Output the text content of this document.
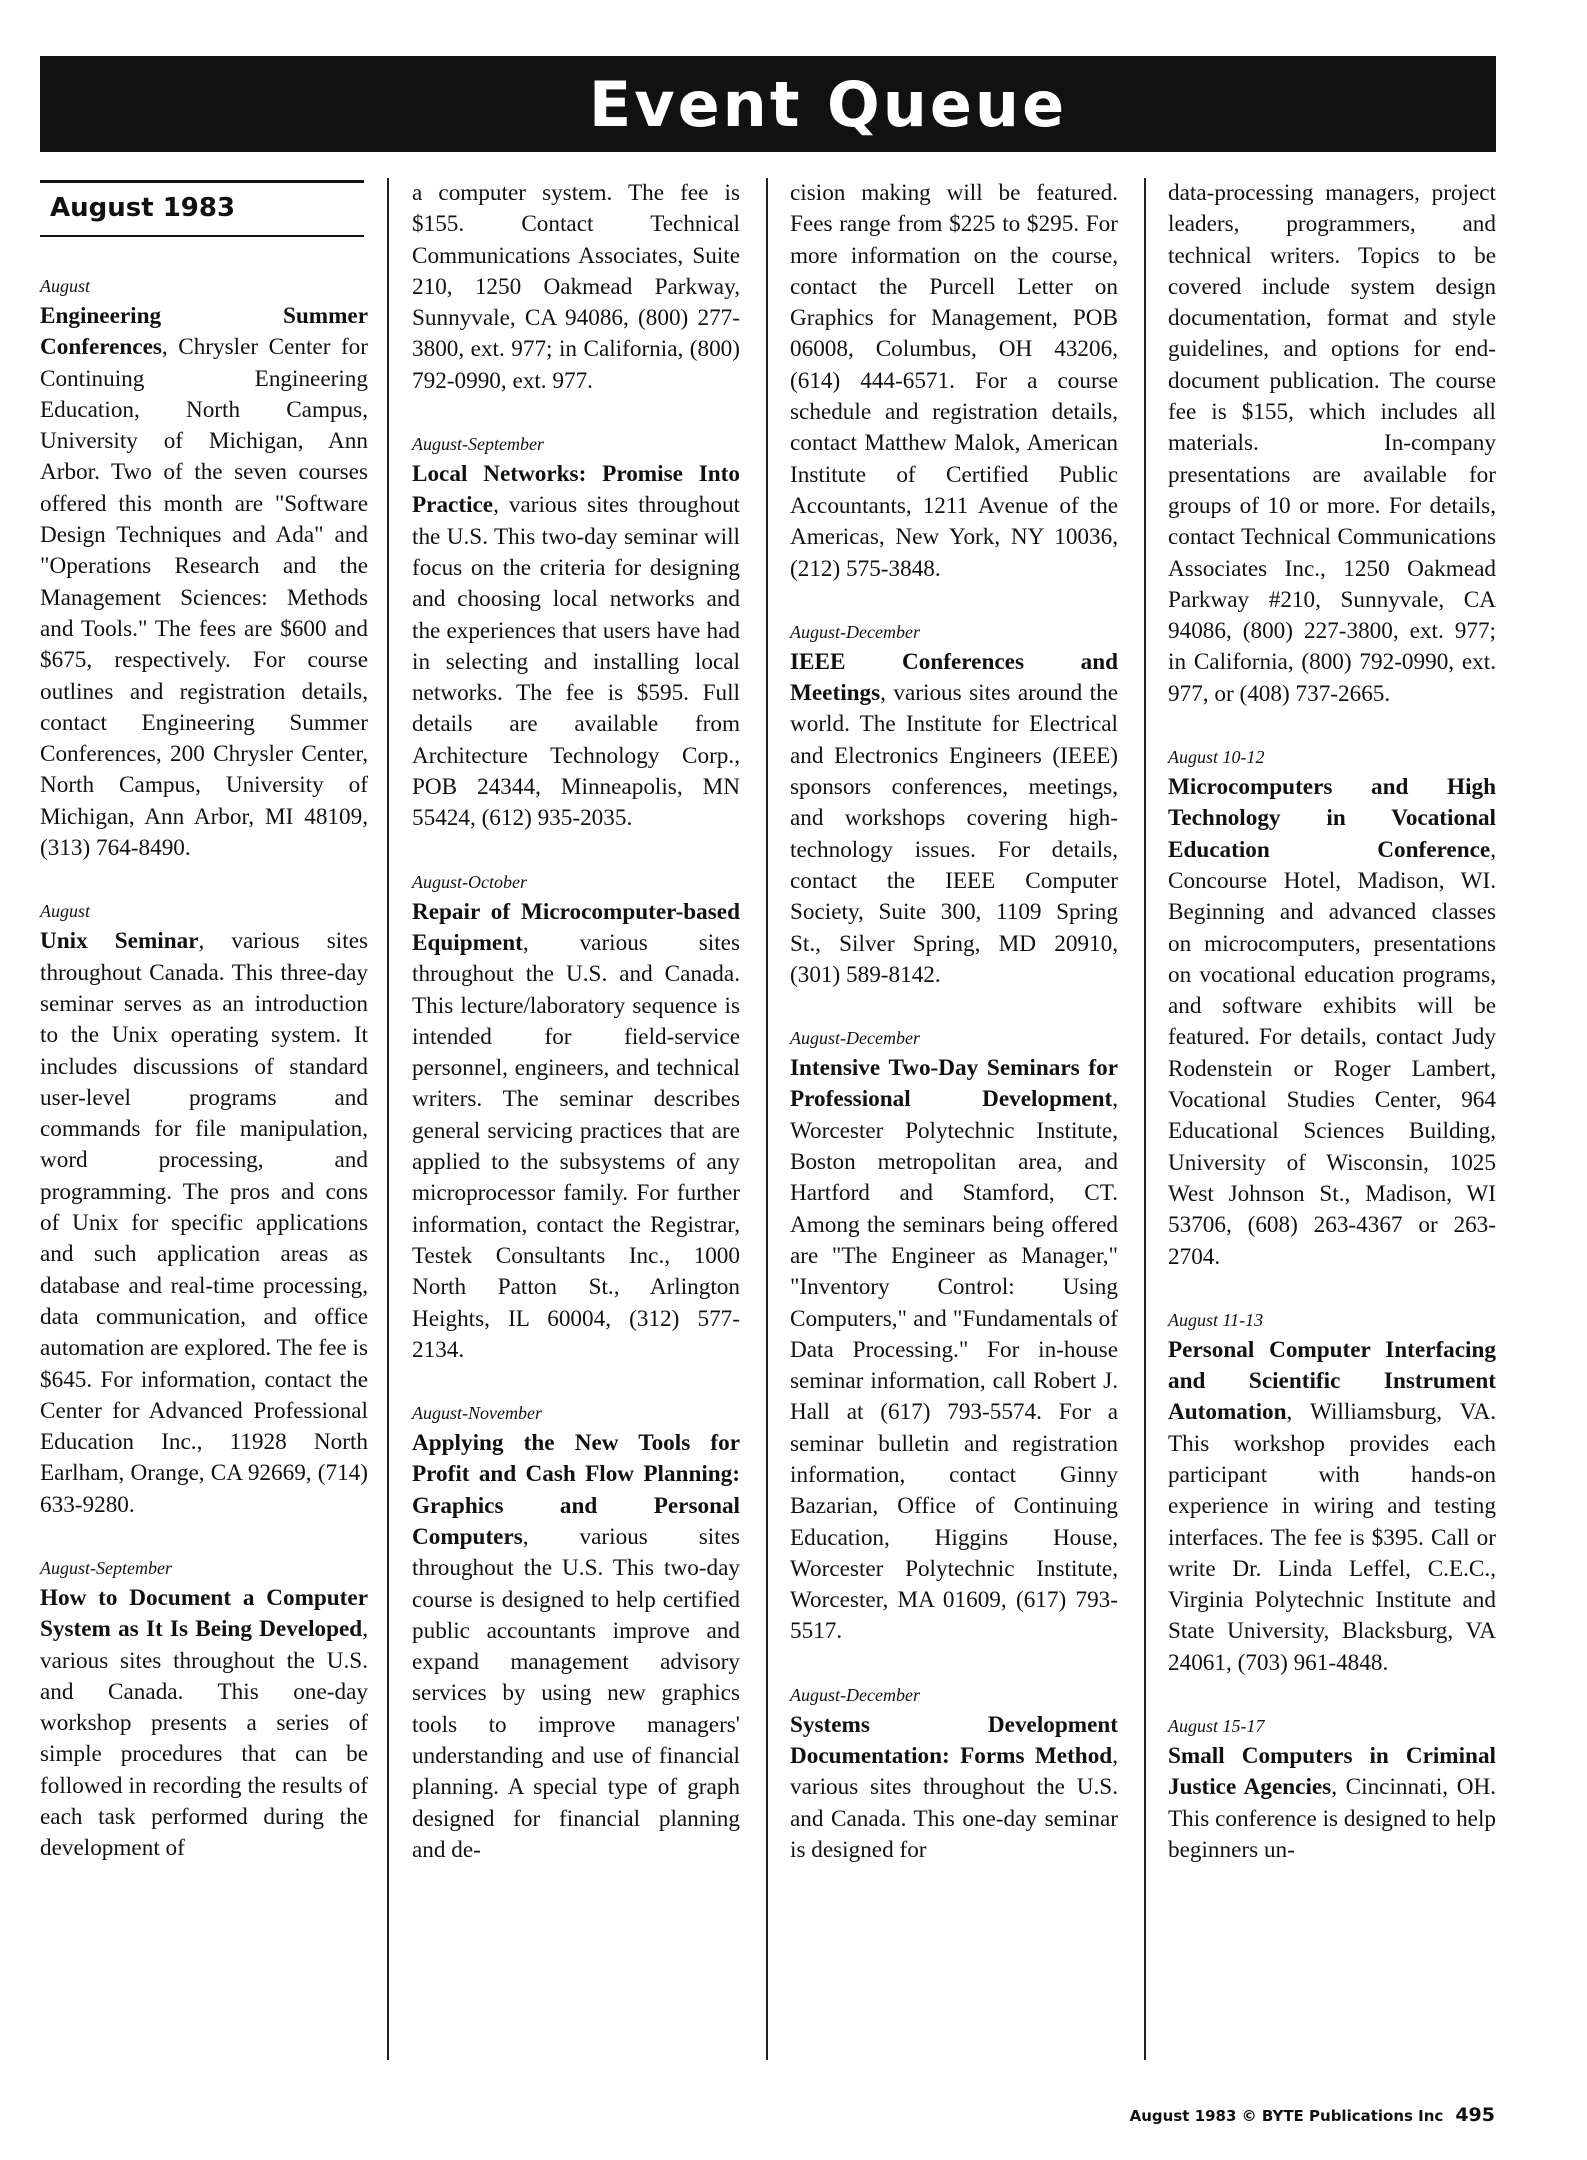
Event Queue
August 1983
August
Engineering Summer Conferences, Chrysler Center for Continuing Engineering Education, North Campus, University of Michigan, Ann Arbor. Two of the seven courses offered this month are "Software Design Techniques and Ada" and "Operations Research and the Management Sciences: Methods and Tools." The fees are $600 and $675, respectively. For course outlines and registration details, contact Engineering Summer Conferences, 200 Chrysler Center, North Campus, University of Michigan, Ann Arbor, MI 48109, (313) 764-8490.
August
Unix Seminar, various sites throughout Canada. This three-day seminar serves as an introduction to the Unix operating system. It includes discussions of standard user-level programs and commands for file manipulation, word processing, and programming. The pros and cons of Unix for specific applications and such application areas as database and real-time processing, data communication, and office automation are explored. The fee is $645. For information, contact the Center for Advanced Professional Education Inc., 11928 North Earlham, Orange, CA 92669, (714) 633-9280.
August-September
How to Document a Computer System as It Is Being Developed, various sites throughout the U.S. and Canada. This one-day workshop presents a series of simple procedures that can be followed in recording the results of each task performed during the development of

a computer system. The fee is $155. Contact Technical Communications Associates, Suite 210, 1250 Oakmead Parkway, Sunnyvale, CA 94086, (800) 277-3800, ext. 977; in California, (800) 792-0990, ext. 977.

August-September
Local Networks: Promise Into Practice, various sites throughout the U.S. This two-day seminar will focus on the criteria for designing and choosing local networks and the experiences that users have had in selecting and installing local networks. The fee is $595. Full details are available from Architecture Technology Corp., POB 24344, Minneapolis, MN 55424, (612) 935-2035.
August-October
Repair of Microcomputer-based Equipment, various sites throughout the U.S. and Canada. This lecture/laboratory sequence is intended for field-service personnel, engineers, and technical writers. The seminar describes general servicing practices that are applied to the subsystems of any microprocessor family. For further information, contact the Registrar, Testek Consultants Inc., 1000 North Patton St., Arlington Heights, IL 60004, (312) 577-2134.
August-November
Applying the New Tools for Profit and Cash Flow Planning: Graphics and Personal Computers, various sites throughout the U.S. This two-day course is designed to help certified public accountants improve and expand management advisory services by using new graphics tools to improve managers' understanding and use of financial planning. A special type of graph designed for financial planning and de-

cision making will be featured. Fees range from $225 to $295. For more information on the course, contact the Purcell Letter on Graphics for Management, POB 06008, Columbus, OH 43206, (614) 444-6571. For a course schedule and registration details, contact Matthew Malok, American Institute of Certified Public Accountants, 1211 Avenue of the Americas, New York, NY 10036, (212) 575-3848.

August-December
IEEE Conferences and Meetings, various sites around the world. The Institute for Electrical and Electronics Engineers (IEEE) sponsors conferences, meetings, and workshops covering high-technology issues. For details, contact the IEEE Computer Society, Suite 300, 1109 Spring St., Silver Spring, MD 20910, (301) 589-8142.
August-December
Intensive Two-Day Seminars for Professional Development, Worcester Polytechnic Institute, Boston metropolitan area, and Hartford and Stamford, CT. Among the seminars being offered are "The Engineer as Manager," "Inventory Control: Using Computers," and "Fundamentals of Data Processing." For in-house seminar information, call Robert J. Hall at (617) 793-5574. For a seminar bulletin and registration information, contact Ginny Bazarian, Office of Continuing Education, Higgins House, Worcester Polytechnic Institute, Worcester, MA 01609, (617) 793-5517.
August-December
Systems Development Documentation: Forms Method, various sites throughout the U.S. and Canada. This one-day seminar is designed for

data-processing managers, project leaders, programmers, and technical writers. Topics to be covered include system design documentation, format and style guidelines, and options for end-document publication. The course fee is $155, which includes all materials. In-company presentations are available for groups of 10 or more. For details, contact Technical Communications Associates Inc., 1250 Oakmead Parkway #210, Sunnyvale, CA 94086, (800) 227-3800, ext. 977; in California, (800) 792-0990, ext. 977, or (408) 737-2665.

August 10-12
Microcomputers and High Technology in Vocational Education Conference, Concourse Hotel, Madison, WI. Beginning and advanced classes on microcomputers, presentations on vocational education programs, and software exhibits will be featured. For details, contact Judy Rodenstein or Roger Lambert, Vocational Studies Center, 964 Educational Sciences Building, University of Wisconsin, 1025 West Johnson St., Madison, WI 53706, (608) 263-4367 or 263-2704.
August 11-13
Personal Computer Interfacing and Scientific Instrument Automation, Williamsburg, VA. This workshop provides each participant with hands-on experience in wiring and testing interfaces. The fee is $395. Call or write Dr. Linda Leffel, C.E.C., Virginia Polytechnic Institute and State University, Blacksburg, VA 24061, (703) 961-4848.
August 15-17
Small Computers in Criminal Justice Agencies, Cincinnati, OH. This conference is designed to help beginners un-
August 1983 © BYTE Publications Inc 495
